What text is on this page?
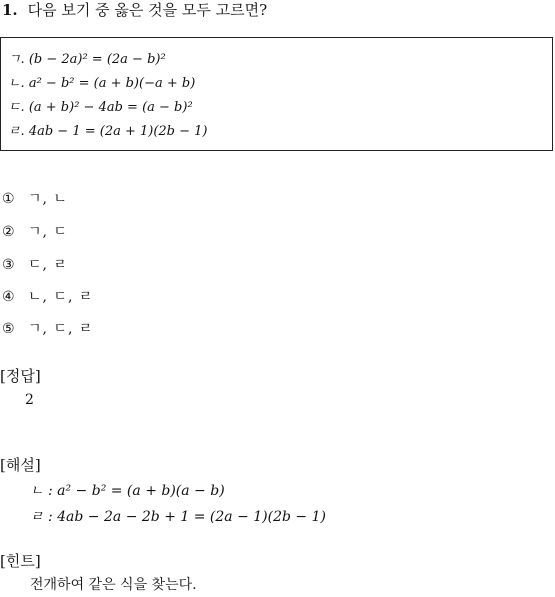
1. 다음 보기 중 옳은 것을 모두 고르면?
ㄱ. (b − 2a)² = (2a − b)²
ㄴ. a² − b² = (a + b)(−a + b)
ㄷ. (a + b)² − 4ab = (a − b)²
ㄹ. 4ab − 1 = (2a + 1)(2b − 1)
① ㄱ, ㄴ
② ㄱ, ㄷ
③ ㄷ, ㄹ
④ ㄴ, ㄷ, ㄹ
⑤ ㄱ, ㄷ, ㄹ
[정답]
2
[해설]
ㄴ : a² − b² = (a + b)(a − b)
ㄹ : 4ab − 2a − 2b + 1 = (2a − 1)(2b − 1)
[힌트]
전개하여 같은 식을 찾는다.
